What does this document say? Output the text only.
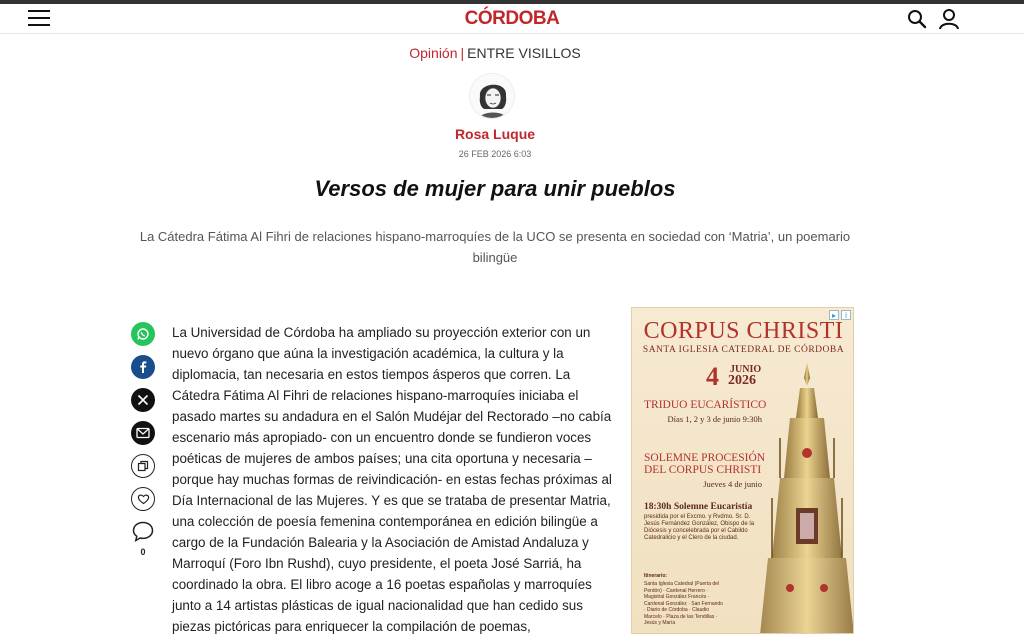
CÓRDOBA
Opinión | ENTRE VISILLOS
Rosa Luque
26 FEB 2026 6:03
Versos de mujer para unir pueblos

La Cátedra Fátima Al Fihri de relaciones hispano-marroquíes de la UCO se presenta en sociedad con ‘Matria’, un poemario bilingüe

0

La Universidad de Córdoba ha ampliado su proyección exterior con un nuevo órgano que aúna la investigación académica, la cultura y la diplomacia, tan necesaria en estos tiempos ásperos que corren. La Cátedra Fátima Al Fihri de relaciones hispano-marroquíes iniciaba el pasado martes su andadura en el Salón Mudéjar del Rectorado –no cabía escenario más apropiado- con un encuentro donde se fundieron voces poéticas de mujeres de ambos países; una cita oportuna y necesaria –porque hay muchas formas de reivindicación- en estas fechas próximas al Día Internacional de las Mujeres. Y es que se trataba de presentar Matria, una colección de poesía femenina contemporánea en edición bilingüe a cargo de la Fundación Balearia y la Asociación de Amistad Andaluza y Marroquí (Foro Ibn Rushd), cuyo presidente, el poeta José Sarriá, ha coordinado la obra. El libro acoge a 16 poetas españolas y marroquíes junto a 14 artistas plásticas de igual nacionalidad que han cedido sus piezas pictóricas para enriquecer la compilación de poemas,

▸	i
CORPUS CHRISTI
SANTA IGLESIA CATEDRAL DE CÓRDOBA
4 JUNIO
2026
TRIDUO EUCARÍSTICO
Días 1, 2 y 3 de junio 9:30h
SOLEMNE PROCESIÓN DEL CORPUS CHRISTI
Jueves 4 de junio
18:30h Solemne Eucaristía
presidida por el Excmo. y Rvdmo. Sr. D. Jesús Fernández González, Obispo de la Diócesis y concelebrada por el Cabildo Catedralicio y el Clero de la ciudad.
Itinerario:
Santa Iglesia Catedral (Puerta del Perdón) · Cardenal Herrero · Magistral González Francés · Cardenal González · San Fernando · Diario de Córdoba · Claudio Marcelo · Plaza de las Tendillas · Jesús y María
